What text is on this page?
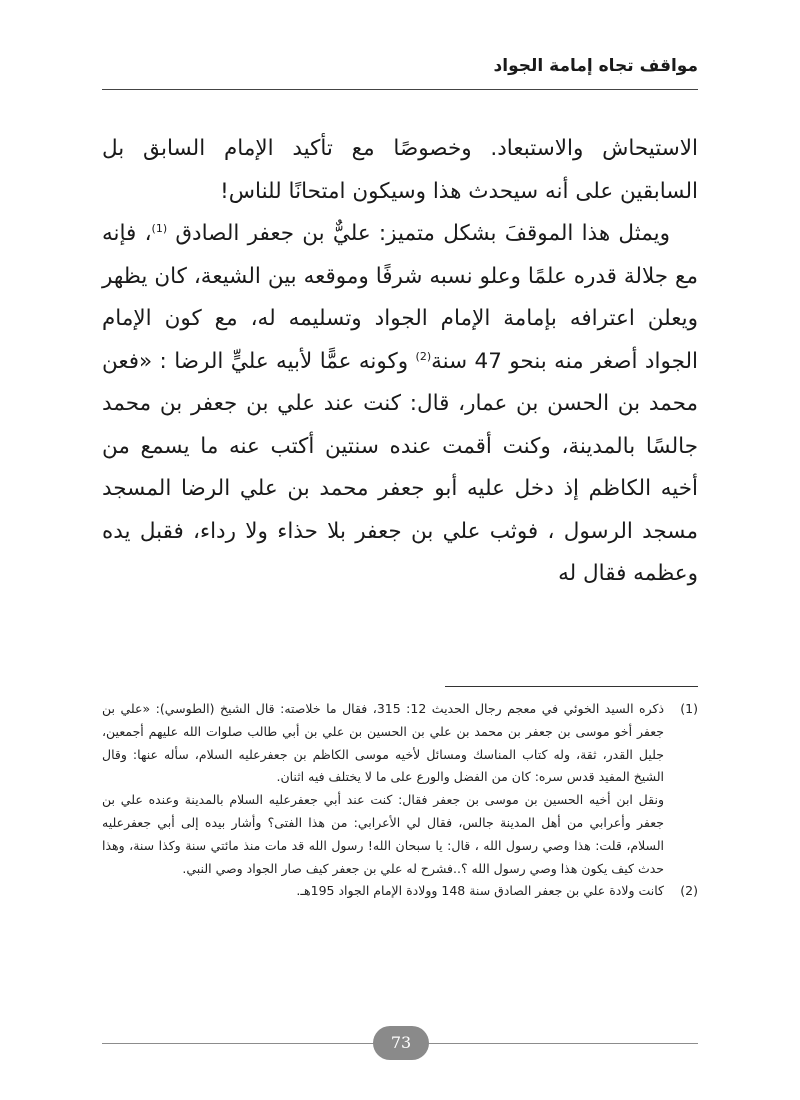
مواقف تجاه إمامة الجواد

الاستيحاش والاستبعاد. وخصوصًا مع تأكيد الإمام السابق بل السابقين على أنه سيحدث هذا وسيكون امتحانًا للناس!

ويمثل هذا الموقفَ بشكل متميز: عليٌّ بن جعفر الصادق $^{(1)}$، فإنه مع جلالة قدره علمًا وعلو نسبه شرفًا وموقعه بين الشيعة، كان يظهر ويعلن اعترافه بإمامة الإمام الجواد وتسليمه له، مع كون الإمام الجواد أصغر منه بنحو 47 سنة$^{(2)}$ وكونه عمًّا لأبيه عليٍّ الرضا : «فعن محمد بن الحسن بن عمار، قال: كنت عند علي بن جعفر بن محمد جالسًا بالمدينة، وكنت أقمت عنده سنتين أكتب عنه ما يسمع من أخيه الكاظم إذ دخل عليه أبو جعفر محمد بن علي الرضا المسجد مسجد الرسول ، فوثب علي بن جعفر بلا حذاء ولا رداء، فقبل يده وعظمه فقال له

(1)

ذكره السيد الخوئي في معجم رجال الحديث 12: 315، فقال ما خلاصته: قال الشيخ (الطوسي): «علي بن جعفر أخو موسى بن جعفر بن محمد بن علي بن الحسين بن علي بن أبي طالب صلوات الله عليهم أجمعين، جليل القدر، ثقة، وله كتاب المناسك ومسائل لأخيه موسى الكاظم بن جعفرعليه السلام، سأله عنها: وقال الشيخ المفيد قدس سره: كان من الفضل والورع على ما لا يختلف فيه اثنان.

ونقل ابن أخيه الحسين بن موسى بن جعفر فقال: كنت عند أبي جعفرعليه السلام بالمدينة وعنده علي بن جعفر وأعرابي من أهل المدينة جالس، فقال لي الأعرابي: من هذا الفتى؟ وأشار بيده إلى أبي جعفرعليه السلام، قلت: هذا وصي رسول الله ، قال: يا سبحان الله! رسول الله قد مات منذ مائتي سنة وكذا سنة، وهذا حدث كيف يكون هذا وصي رسول الله ؟..فشرح له علي بن جعفر كيف صار الجواد وصي النبي.

(2)

كانت ولادة علي بن جعفر الصادق سنة 148 وولادة الإمام الجواد 195هـ.

73
